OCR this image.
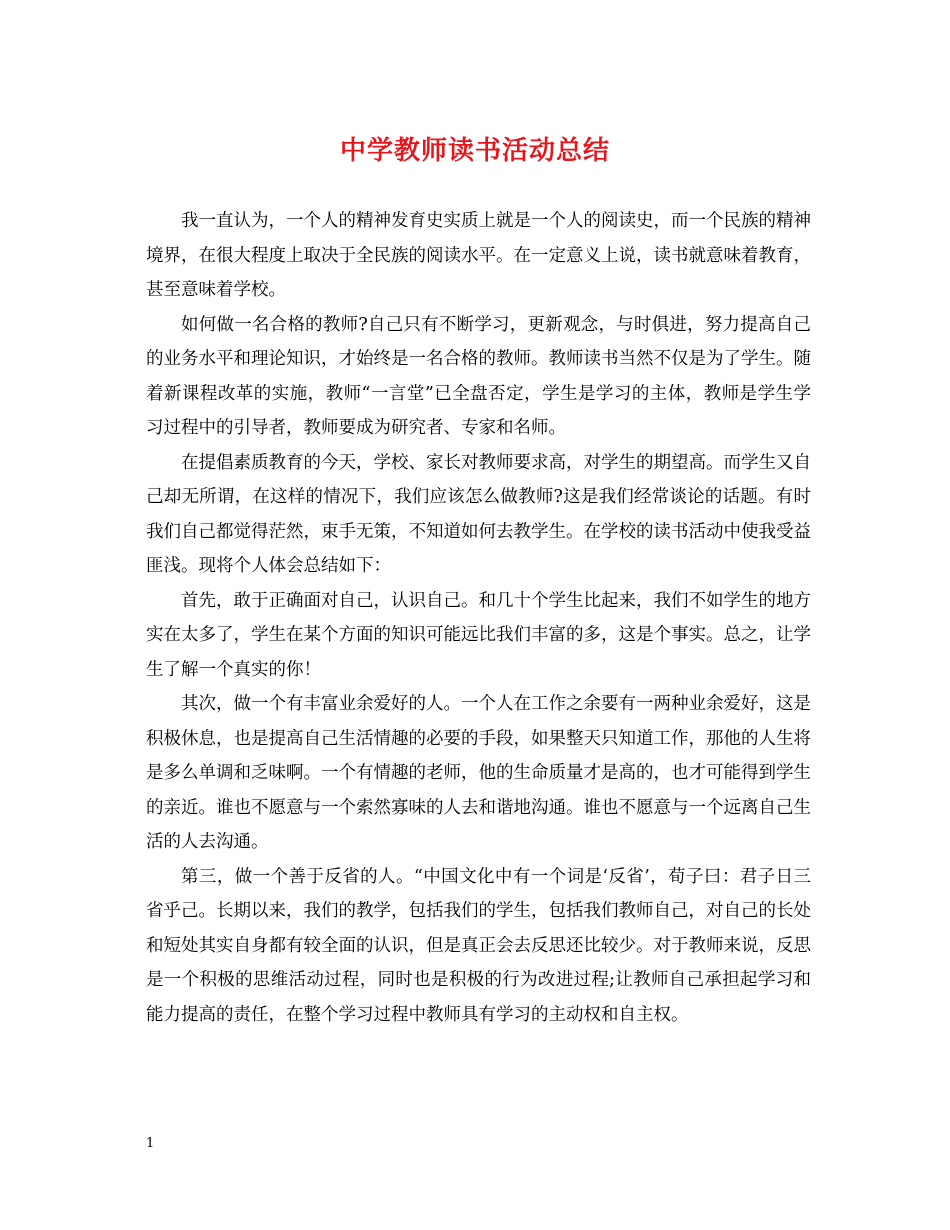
中学教师读书活动总结

我一直认为，一个人的精神发育史实质上就是一个人的阅读史，而一个民族的精神境界，在很大程度上取决于全民族的阅读水平。在一定意义上说，读书就意味着教育，甚至意味着学校。

如何做一名合格的教师?自己只有不断学习，更新观念，与时俱进，努力提高自己的业务水平和理论知识，才始终是一名合格的教师。教师读书当然不仅是为了学生。随着新课程改革的实施，教师“一言堂”已全盘否定，学生是学习的主体，教师是学生学习过程中的引导者，教师要成为研究者、专家和名师。

在提倡素质教育的今天，学校、家长对教师要求高，对学生的期望高。而学生又自己却无所谓，在这样的情况下，我们应该怎么做教师?这是我们经常谈论的话题。有时我们自己都觉得茫然，束手无策，不知道如何去教学生。在学校的读书活动中使我受益匪浅。现将个人体会总结如下：

首先，敢于正确面对自己，认识自己。和几十个学生比起来，我们不如学生的地方实在太多了，学生在某个方面的知识可能远比我们丰富的多，这是个事实。总之，让学生了解一个真实的你！

其次，做一个有丰富业余爱好的人。一个人在工作之余要有一两种业余爱好，这是积极休息，也是提高自己生活情趣的必要的手段，如果整天只知道工作，那他的人生将是多么单调和乏味啊。一个有情趣的老师，他的生命质量才是高的，也才可能得到学生的亲近。谁也不愿意与一个索然寡味的人去和谐地沟通。谁也不愿意与一个远离自己生活的人去沟通。

第三，做一个善于反省的人。“中国文化中有一个词是‘反省’，荀子曰：君子日三省乎己。长期以来，我们的教学，包括我们的学生，包括我们教师自己，对自己的长处和短处其实自身都有较全面的认识，但是真正会去反思还比较少。对于教师来说，反思是一个积极的思维活动过程，同时也是积极的行为改进过程;让教师自己承担起学习和能力提高的责任，在整个学习过程中教师具有学习的主动权和自主权。

1
